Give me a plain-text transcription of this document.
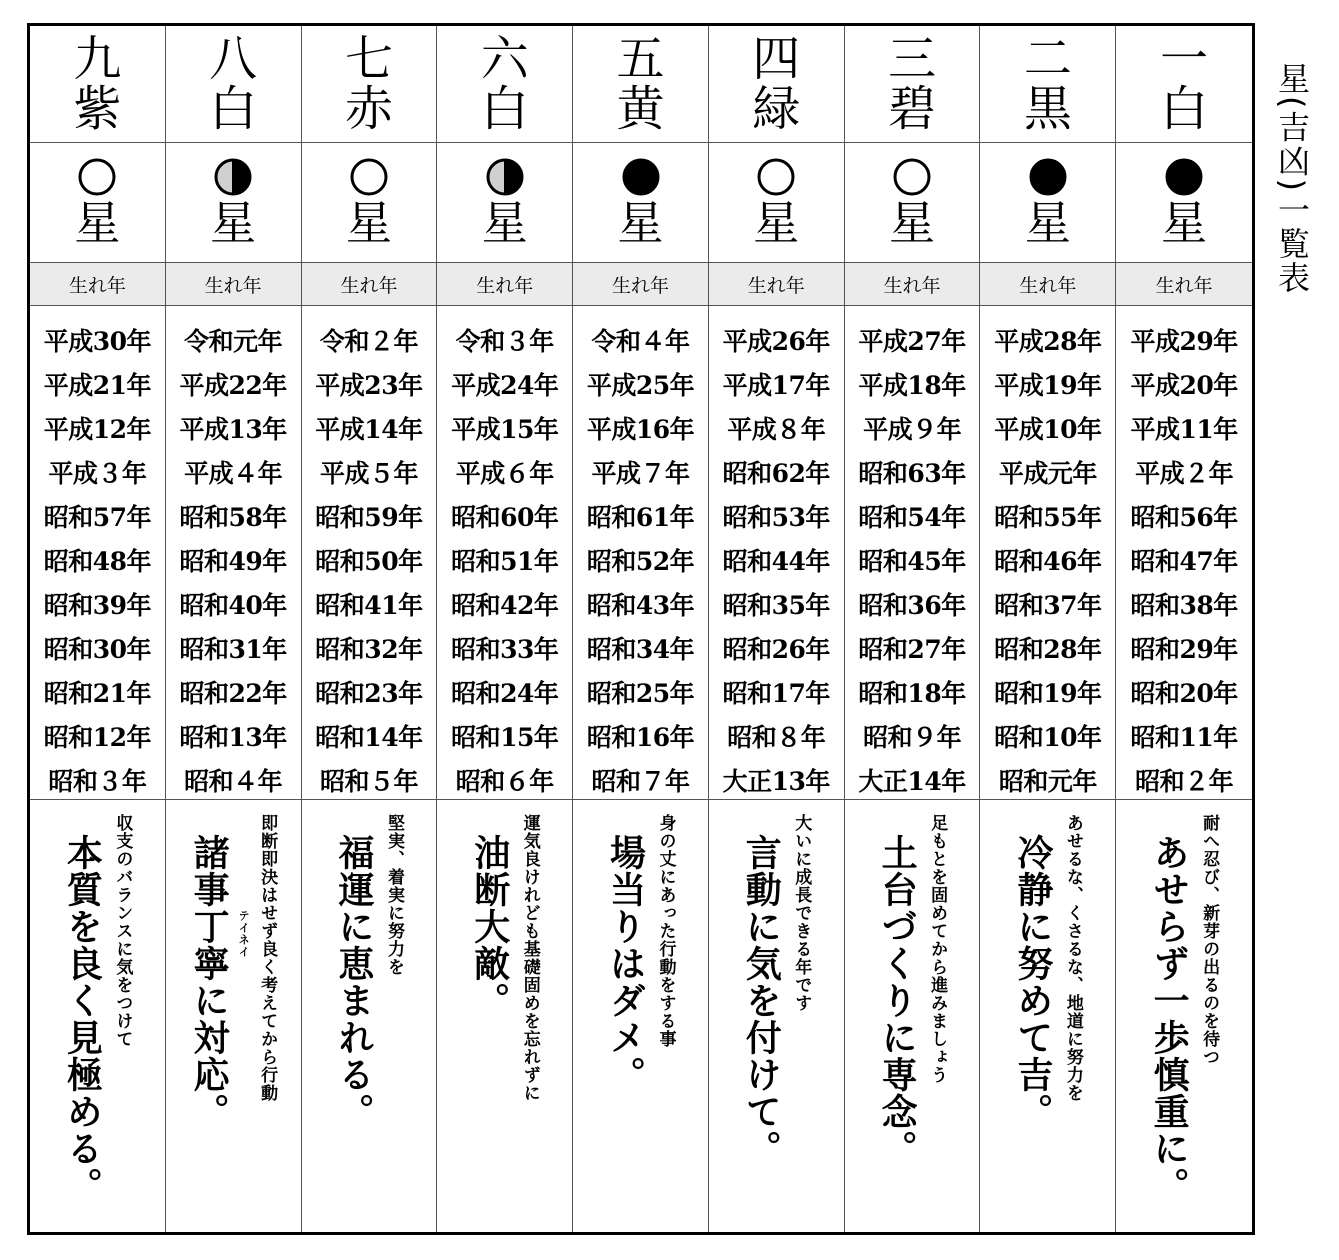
星(吉凶)一覧表
九
紫
星
生れ年
平成30年
平成21年
平成12年
平成３年
昭和57年
昭和48年
昭和39年
昭和30年
昭和21年
昭和12年
昭和３年
収支のバランスに気をつけて
本質を良く見極める。
八
白
星
生れ年
令和元年
平成22年
平成13年
平成４年
昭和58年
昭和49年
昭和40年
昭和31年
昭和22年
昭和13年
昭和４年
即断即決はせず良く考えてから行動
テイネイ
諸事丁寧に対応。
七
赤
星
生れ年
令和２年
平成23年
平成14年
平成５年
昭和59年
昭和50年
昭和41年
昭和32年
昭和23年
昭和14年
昭和５年
堅実、着実に努力を
福運に恵まれる。
六
白
星
生れ年
令和３年
平成24年
平成15年
平成６年
昭和60年
昭和51年
昭和42年
昭和33年
昭和24年
昭和15年
昭和６年
運気良けれども基礎固めを忘れずに
油断大敵。
五
黄
星
生れ年
令和４年
平成25年
平成16年
平成７年
昭和61年
昭和52年
昭和43年
昭和34年
昭和25年
昭和16年
昭和７年
身の丈にあった行動をする事
場当りはダメ。
四
緑
星
生れ年
平成26年
平成17年
平成８年
昭和62年
昭和53年
昭和44年
昭和35年
昭和26年
昭和17年
昭和８年
大正13年
大いに成長できる年です
言動に気を付けて。
三
碧
星
生れ年
平成27年
平成18年
平成９年
昭和63年
昭和54年
昭和45年
昭和36年
昭和27年
昭和18年
昭和９年
大正14年
足もとを固めてから進みましょう
土台づくりに専念。
二
黒
星
生れ年
平成28年
平成19年
平成10年
平成元年
昭和55年
昭和46年
昭和37年
昭和28年
昭和19年
昭和10年
昭和元年
あせるな、くさるな、地道に努力を
冷静に努めて吉。
一
白
星
生れ年
平成29年
平成20年
平成11年
平成２年
昭和56年
昭和47年
昭和38年
昭和29年
昭和20年
昭和11年
昭和２年
耐へ忍び、新芽の出るのを待つ
あせらず一歩慎重に。
